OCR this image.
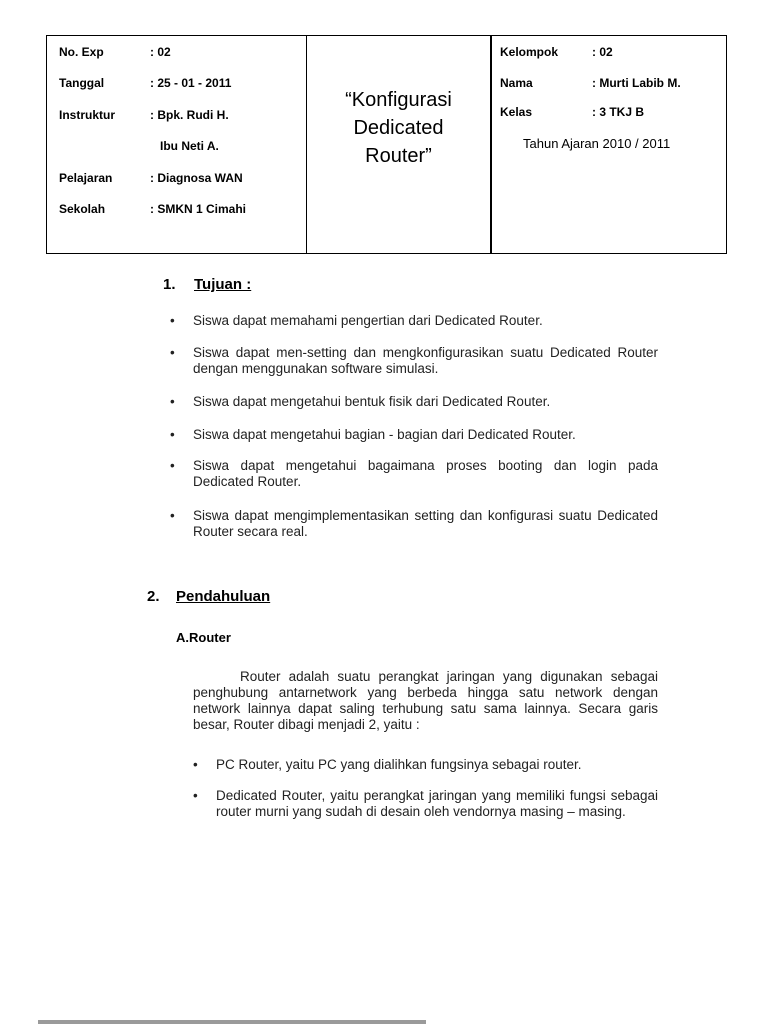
No. Exp	: 02
Tanggal	: 25 - 01 - 2011
Instruktur	: Bpk. Rudi H.
Ibu Neti A.
Pelajaran	: Diagnosa WAN
Sekolah	: SMKN 1 Cimahi
“Konfigurasi
Dedicated
Router”
Kelompok	: 02
Nama	: Murti Labib M.
Kelas	: 3 TKJ B
Tahun Ajaran 2010 / 2011
1. Tujuan :
• Siswa dapat memahami pengertian dari Dedicated Router.
• Siswa dapat men-setting dan mengkonfigurasikan suatu Dedicated Router dengan menggunakan software simulasi.
• Siswa dapat mengetahui bentuk fisik dari Dedicated Router.
• Siswa dapat mengetahui bagian - bagian dari Dedicated Router.
• Siswa dapat mengetahui bagaimana proses booting dan login pada Dedicated Router.
• Siswa dapat mengimplementasikan setting dan konfigurasi suatu Dedicated Router secara real.
2. Pendahuluan
A.Router
Router adalah suatu perangkat jaringan yang digunakan sebagai penghubung antarnetwork yang berbeda hingga satu network dengan network lainnya dapat saling terhubung satu sama lainnya. Secara garis besar, Router dibagi menjadi 2, yaitu :
• PC Router, yaitu PC yang dialihkan fungsinya sebagai router.
• Dedicated Router, yaitu perangkat jaringan yang memiliki fungsi sebagai router murni yang sudah di desain oleh vendornya masing – masing.
